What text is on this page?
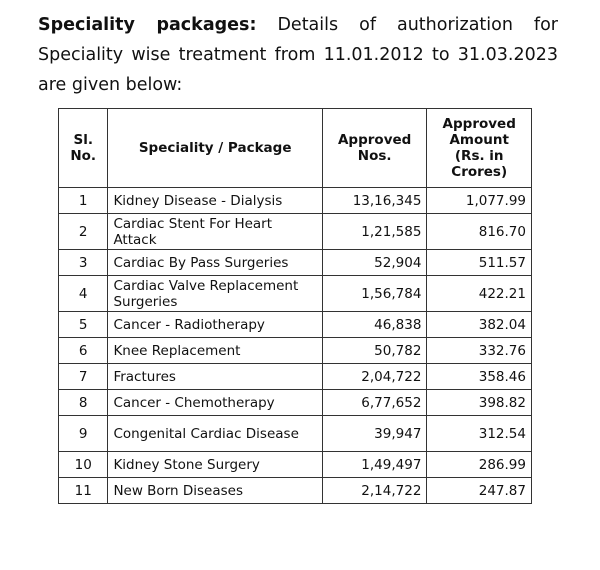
Speciality packages: Details of authorization for Speciality wise treatment from 11.01.2012 to 31.03.2023 are given below:
Sl. No.	Speciality / Package	Approved Nos.	Approved Amount (Rs. in Crores)
1	Kidney Disease - Dialysis	13,16,345	1,077.99
2	Cardiac Stent For Heart Attack	1,21,585	816.70
3	Cardiac By Pass Surgeries	52,904	511.57
4	Cardiac Valve Replacement Surgeries	1,56,784	422.21
5	Cancer - Radiotherapy	46,838	382.04
6	Knee Replacement	50,782	332.76
7	Fractures	2,04,722	358.46
8	Cancer - Chemotherapy	6,77,652	398.82
9	Congenital Cardiac Disease	39,947	312.54
10	Kidney Stone Surgery	1,49,497	286.99
11	New Born Diseases	2,14,722	247.87
